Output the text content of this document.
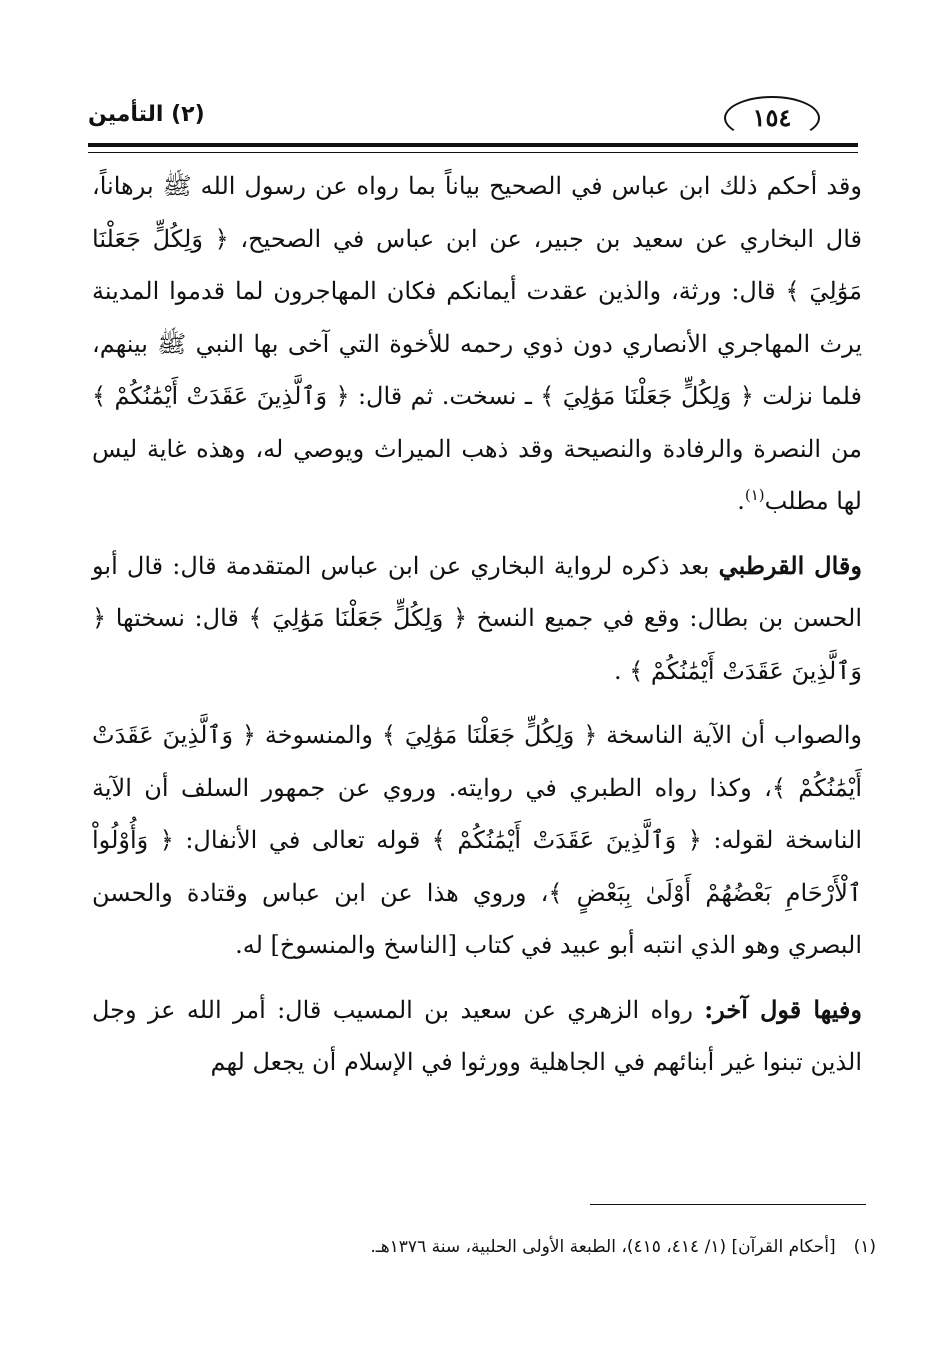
١٥٤
(٢) التأمين

وقد أحكم ذلك ابن عباس في الصحيح بياناً بما رواه عن رسول الله ﷺ برهاناً، قال البخاري عن سعيد بن جبير، عن ابن عباس في الصحيح، ﴿ وَلِكُلٍّ جَعَلْنَا مَوَٰلِيَ ﴾ قال: ورثة، والذين عقدت أيمانكم فكان المهاجرون لما قدموا المدينة يرث المهاجري الأنصاري دون ذوي رحمه للأخوة التي آخى بها النبي ﷺ بينهم، فلما نزلت ﴿ وَلِكُلٍّ جَعَلْنَا مَوَٰلِيَ ﴾ ـ نسخت. ثم قال: ﴿ وَٱلَّذِينَ عَقَدَتْ أَيْمَٰنُكُمْ ﴾ من النصرة والرفادة والنصيحة وقد ذهب الميراث ويوصي له، وهذه غاية ليس لها مطلب$^{(١)}$.

وقال القرطبي بعد ذكره لرواية البخاري عن ابن عباس المتقدمة قال: قال أبو الحسن بن بطال: وقع في جميع النسخ ﴿ وَلِكُلٍّ جَعَلْنَا مَوَٰلِيَ ﴾ قال: نسختها ﴿ وَٱلَّذِينَ عَقَدَتْ أَيْمَٰنُكُمْ ﴾ .

والصواب أن الآية الناسخة ﴿ وَلِكُلٍّ جَعَلْنَا مَوَٰلِيَ ﴾ والمنسوخة ﴿ وَٱلَّذِينَ عَقَدَتْ أَيْمَٰنُكُمْ ﴾، وكذا رواه الطبري في روايته. وروي عن جمهور السلف أن الآية الناسخة لقوله: ﴿ وَٱلَّذِينَ عَقَدَتْ أَيْمَٰنُكُمْ ﴾ قوله تعالى في الأنفال: ﴿ وَأُوْلُواْ ٱلْأَرْحَامِ بَعْضُهُمْ أَوْلَىٰ بِبَعْضٍ ﴾، وروي هذا عن ابن عباس وقتادة والحسن البصري وهو الذي انتبه أبو عبيد في كتاب [الناسخ والمنسوخ] له.

وفيها قول آخر: رواه الزهري عن سعيد بن المسيب قال: أمر الله عز وجل الذين تبنوا غير أبنائهم في الجاهلية وورثوا في الإسلام أن يجعل لهم

(١)[أحكام القرآن] (١/ ٤١٤، ٤١٥)، الطبعة الأولى الحلبية، سنة ١٣٧٦هـ.
